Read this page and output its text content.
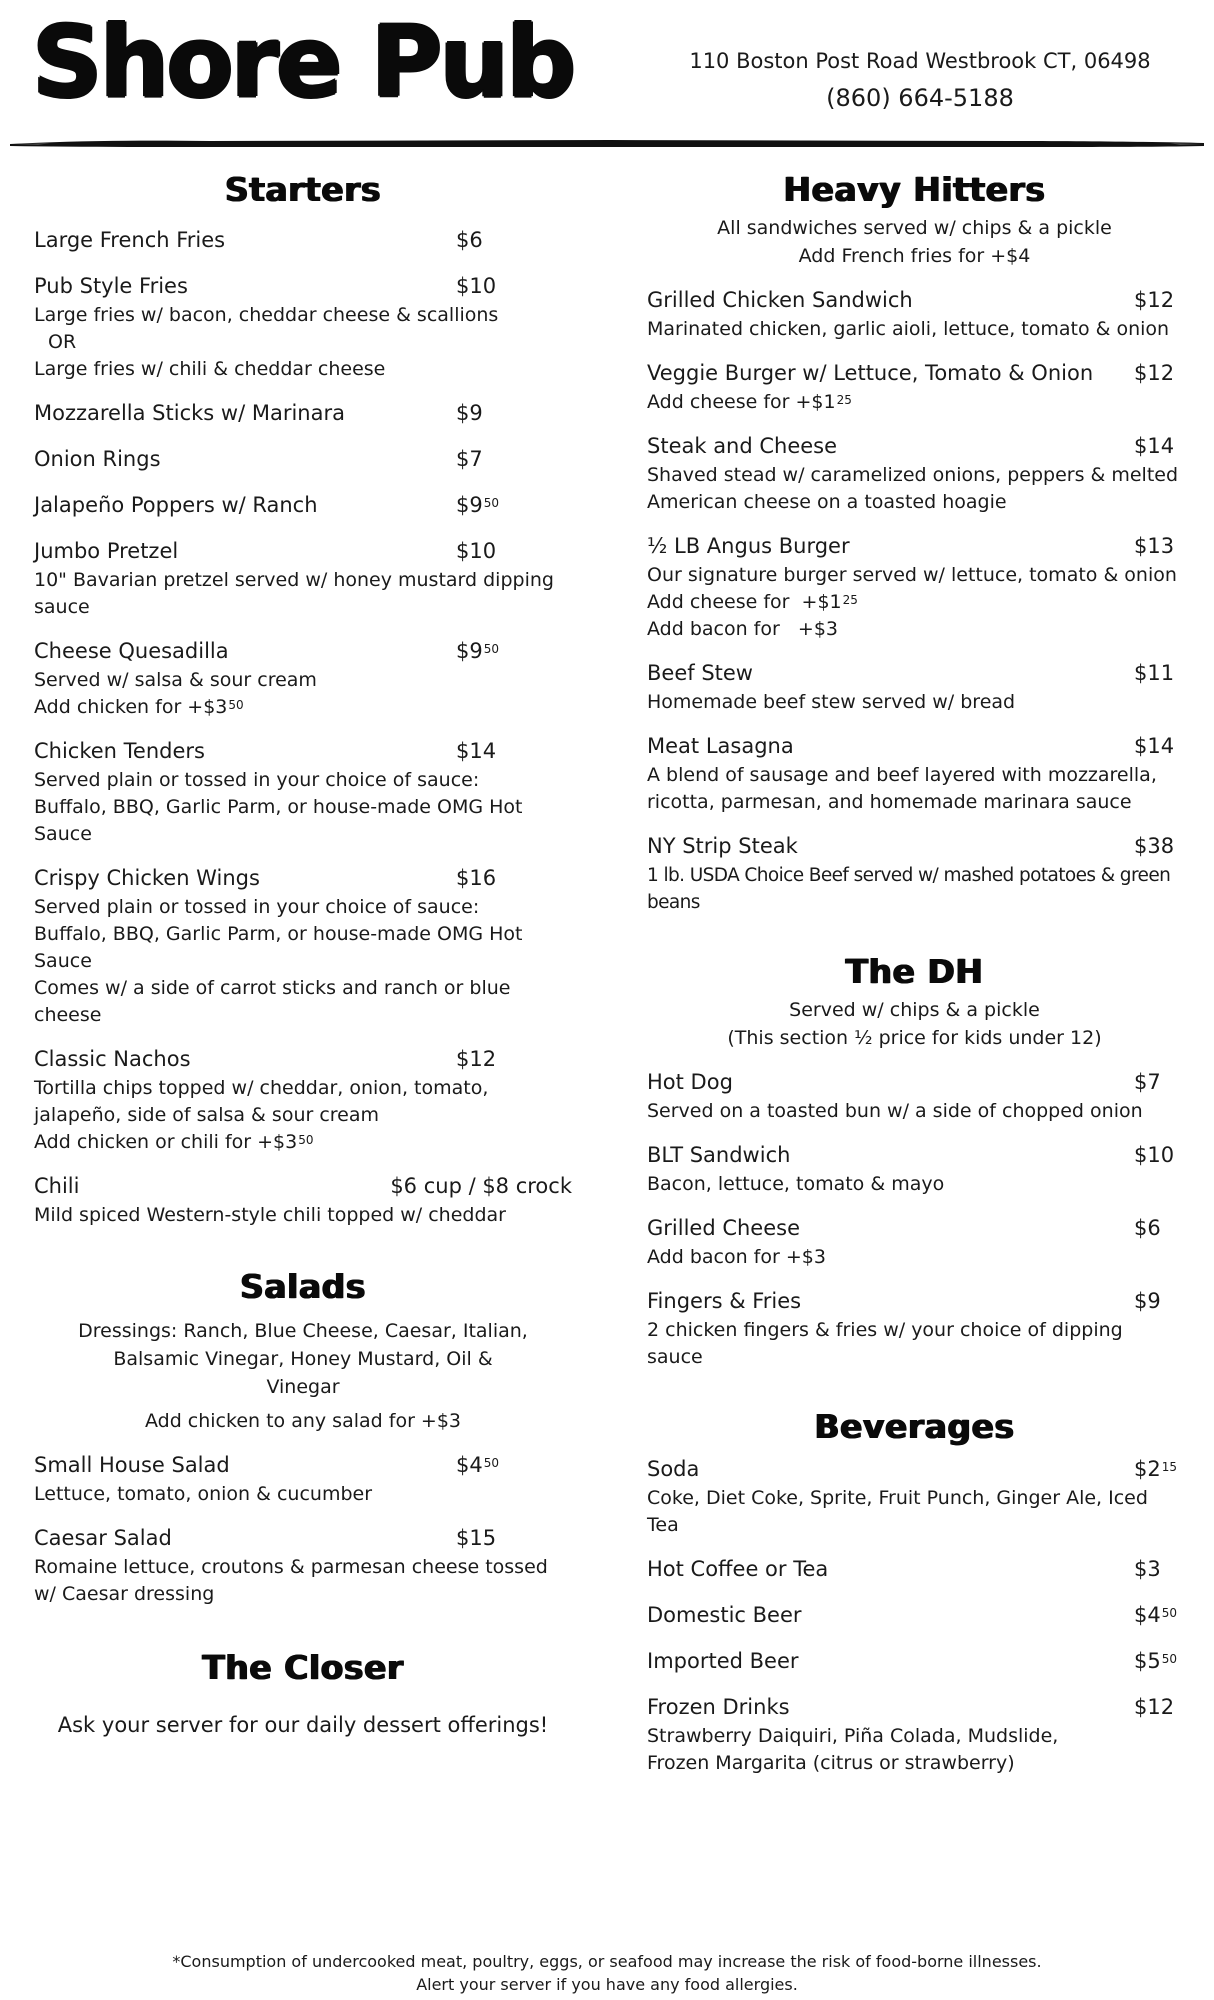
Shore Pub	110 Boston Post Road Westbrook CT, 06498
(860) 664-5188
Starters
Large French Fries	$6
Pub Style Fries	$10
Large fries w/ bacon, cheddar cheese & scallions
OR
Large fries w/ chili & cheddar cheese
Mozzarella Sticks w/ Marinara	$9
Onion Rings	$7
Jalapeño Poppers w/ Ranch	$\$9^{50}$
Jumbo Pretzel	$10
10" Bavarian pretzel served w/ honey mustard dipping sauce
Cheese Quesadilla	$\$9^{50}$
Served w/ salsa & sour cream
Add chicken for $+\$3^{50}$
Chicken Tenders	$14
Served plain or tossed in your choice of sauce:
Buffalo, BBQ, Garlic Parm, or house-made OMG Hot Sauce
Crispy Chicken Wings	$16
Served plain or tossed in your choice of sauce:
Buffalo, BBQ, Garlic Parm, or house-made OMG Hot Sauce
Comes w/ a side of carrot sticks and ranch or blue cheese
Classic Nachos	$12
Tortilla chips topped w/ cheddar, onion, tomato, jalapeño, side of salsa & sour cream
Add chicken or chili for $+\$3^{50}$
Chili	$6 cup / $8 crock
Mild spiced Western-style chili topped w/ cheddar
Salads
Dressings: Ranch, Blue Cheese, Caesar, Italian, Balsamic Vinegar, Honey Mustard, Oil & Vinegar
Add chicken to any salad for +$3
Small House Salad	$\$4^{50}$
Lettuce, tomato, onion & cucumber
Caesar Salad	$15
Romaine lettuce, croutons & parmesan cheese tossed w/ Caesar dressing
The Closer
Ask your server for our daily dessert offerings!
Heavy Hitters
All sandwiches served w/ chips & a pickle
Add French fries for +$4
Grilled Chicken Sandwich	$12
Marinated chicken, garlic aioli, lettuce, tomato & onion
Veggie Burger w/ Lettuce, Tomato & Onion	$12
Add cheese for $+\$1^{25}$
Steak and Cheese	$14
Shaved stead w/ caramelized onions, peppers & melted American cheese on a toasted hoagie
½ LB Angus Burger	$13
Our signature burger served w/ lettuce, tomato & onion
Add cheese for  $+\$1^{25}$
Add bacon for   +$3
Beef Stew	$11
Homemade beef stew served w/ bread
Meat Lasagna	$14
A blend of sausage and beef layered with mozzarella, ricotta, parmesan, and homemade marinara sauce
NY Strip Steak	$38
1 lb. USDA Choice Beef served w/ mashed potatoes & green beans
The DH
Served w/ chips & a pickle
(This section ½ price for kids under 12)
Hot Dog	$7
Served on a toasted bun w/ a side of chopped onion
BLT Sandwich	$10
Bacon, lettuce, tomato & mayo
Grilled Cheese	$6
Add bacon for +$3
Fingers & Fries	$9
2 chicken fingers & fries w/ your choice of dipping sauce
Beverages
Soda	$\$2^{15}$
Coke, Diet Coke, Sprite, Fruit Punch, Ginger Ale, Iced Tea
Hot Coffee or Tea	$3
Domestic Beer	$\$4^{50}$
Imported Beer	$\$5^{50}$
Frozen Drinks	$12
Strawberry Daiquiri, Piña Colada, Mudslide,
Frozen Margarita (citrus or strawberry)
*Consumption of undercooked meat, poultry, eggs, or seafood may increase the risk of food-borne illnesses.
Alert your server if you have any food allergies.
